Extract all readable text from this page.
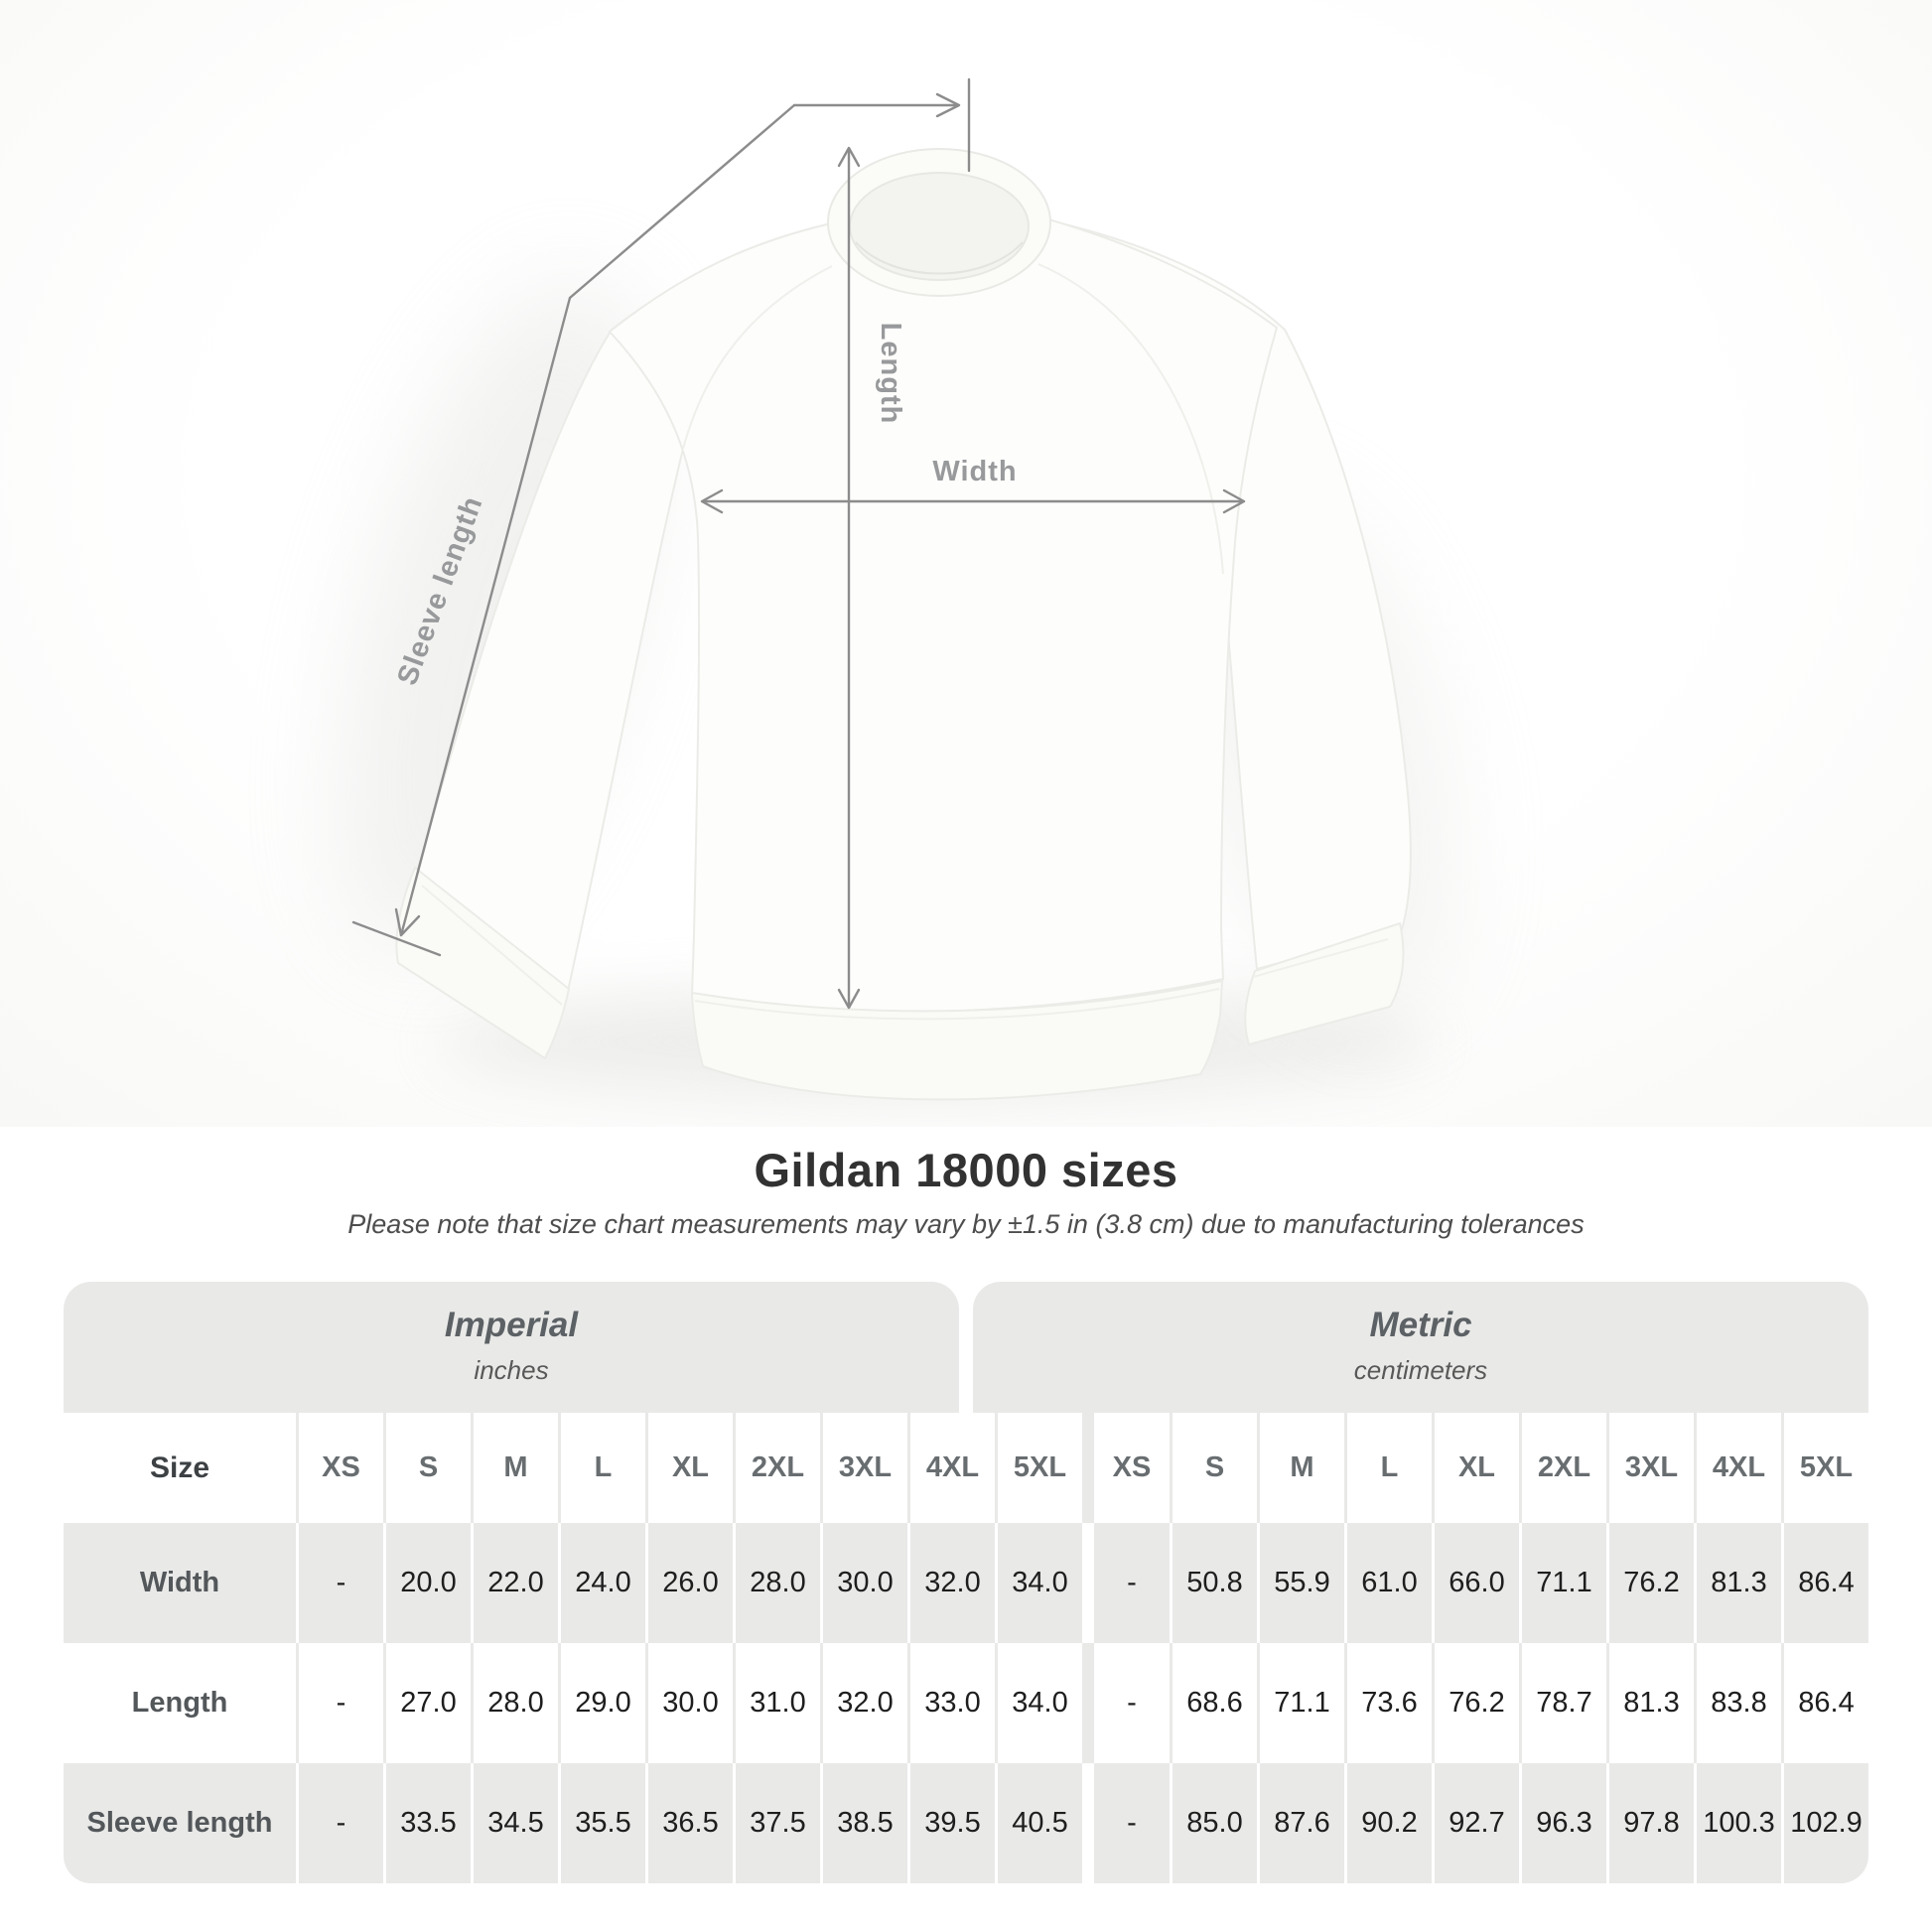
Width
Length
Sleeve length
Gildan 18000 sizes

Please note that size chart measurements may vary by ±1.5 in (3.8 cm) due to manufacturing tolerances

Imperial
inches
Metric
centimeters
Size	XS	S	M	L	XL	2XL	3XL	4XL	5XL	XS	S	M	L	XL	2XL	3XL	4XL	5XL
Width	-	20.0	22.0	24.0	26.0	28.0	30.0	32.0	34.0	-	50.8	55.9	61.0	66.0	71.1	76.2	81.3	86.4
Length	-	27.0	28.0	29.0	30.0	31.0	32.0	33.0	34.0	-	68.6	71.1	73.6	76.2	78.7	81.3	83.8	86.4
Sleeve length	-	33.5	34.5	35.5	36.5	37.5	38.5	39.5	40.5	-	85.0	87.6	90.2	92.7	96.3	97.8 100.3 102.9
